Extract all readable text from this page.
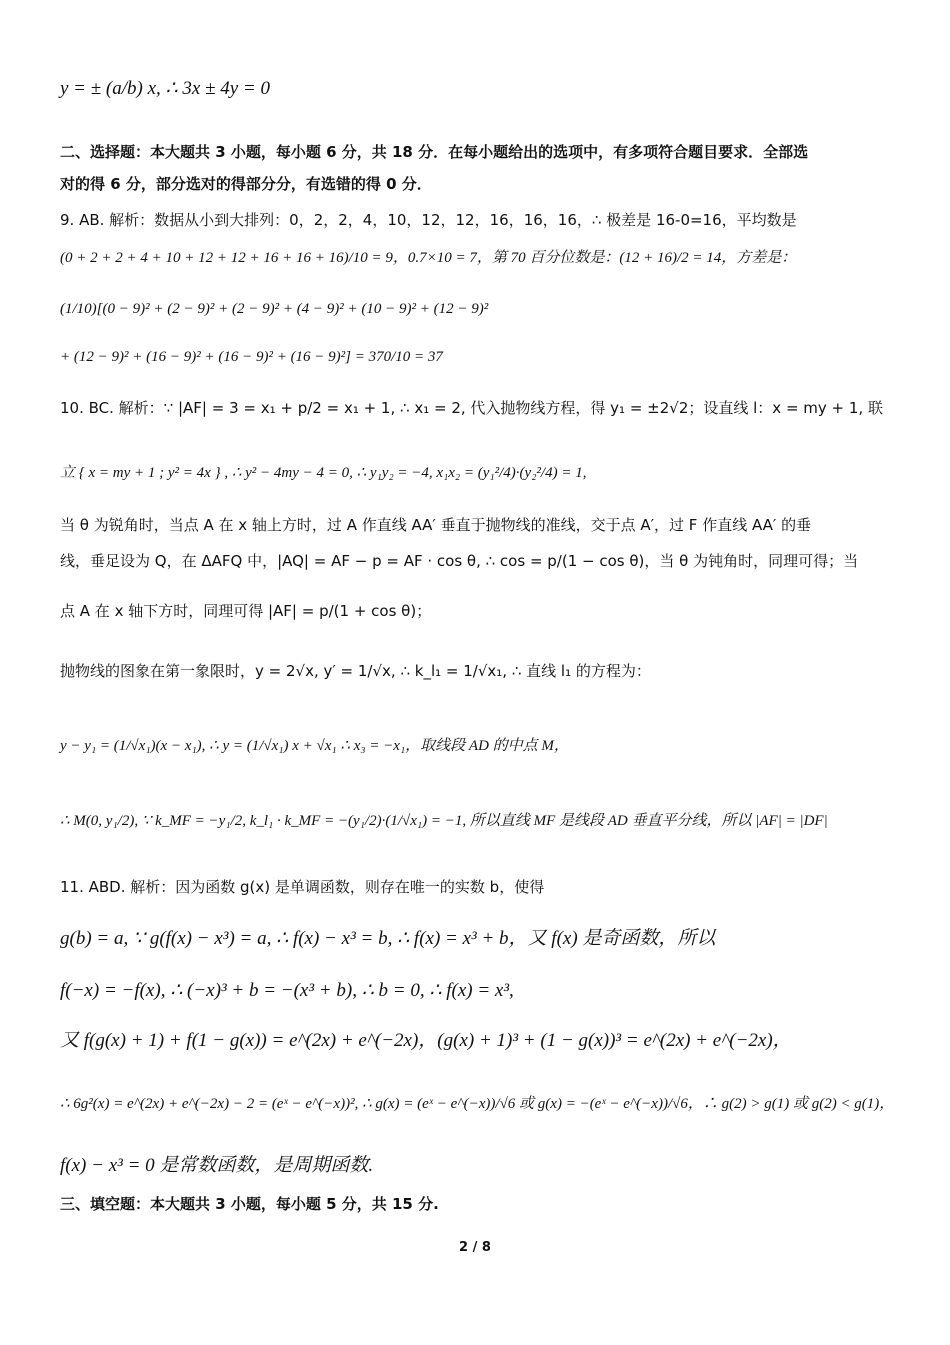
y = ± (a/b) x, ∴ 3x ± 4y = 0
二、选择题：本大题共 3 小题，每小题 6 分，共 18 分．在每小题给出的选项中，有多项符合题目要求．全部选
对的得 6 分，部分选对的得部分分，有选错的得 0 分．
9. AB. 解析：数据从小到大排列：0，2，2，4，10，12，12，16，16，16，∴ 极差是 16-0=16，平均数是
(0 + 2 + 2 + 4 + 10 + 12 + 12 + 16 + 16 + 16)/10 = 9，0.7×10 = 7，第 70 百分位数是：(12 + 16)/2 = 14，方差是：
(1/10)[(0 − 9)² + (2 − 9)² + (2 − 9)² + (4 − 9)² + (10 − 9)² + (12 − 9)²
+ (12 − 9)² + (16 − 9)² + (16 − 9)² + (16 − 9)²] = 370/10 = 37
10. BC. 解析：∵ |AF| = 3 = x₁ + p/2 = x₁ + 1, ∴ x₁ = 2, 代入抛物线方程，得 y₁ = ±2√2；设直线 l：x = my + 1, 联
立 { x = my + 1 ; y² = 4x } , ∴ y² − 4my − 4 = 0, ∴ y₁y₂ = −4, x₁x₂ = (y₁²/4)·(y₂²/4) = 1,
当 θ 为锐角时，当点 A 在 x 轴上方时，过 A 作直线 AA′ 垂直于抛物线的准线，交于点 A′，过 F 作直线 AA′ 的垂
线，垂足设为 Q，在 ΔAFQ 中，|AQ| = AF − p = AF · cos θ, ∴ cos = p/(1 − cos θ)，当 θ 为钝角时，同理可得；当
点 A 在 x 轴下方时，同理可得 |AF| = p/(1 + cos θ)；
抛物线的图象在第一象限时，y = 2√x, y′ = 1/√x, ∴ k_l₁ = 1/√x₁, ∴ 直线 l₁ 的方程为：
y − y₁ = (1/√x₁)(x − x₁), ∴ y = (1/√x₁) x + √x₁ ∴ x₃ = −x₁，取线段 AD 的中点 M，
∴ M(0, y₁/2), ∵ k_MF = −y₁/2, k_l₁ · k_MF = −(y₁/2)·(1/√x₁) = −1, 所以直线 MF 是线段 AD 垂直平分线，所以 |AF| = |DF|
11. ABD. 解析：因为函数 g(x) 是单调函数，则存在唯一的实数 b，使得
g(b) = a, ∵ g(f(x) − x³) = a, ∴ f(x) − x³ = b, ∴ f(x) = x³ + b，又 f(x) 是奇函数，所以
f(−x) = −f(x), ∴ (−x)³ + b = −(x³ + b), ∴ b = 0, ∴ f(x) = x³,
又 f(g(x) + 1) + f(1 − g(x)) = e^(2x) + e^(−2x)，(g(x) + 1)³ + (1 − g(x))³ = e^(2x) + e^(−2x)，
∴ 6g²(x) = e^(2x) + e^(−2x) − 2 = (eˣ − e^(−x))², ∴ g(x) = (eˣ − e^(−x))/√6 或 g(x) = −(eˣ − e^(−x))/√6，∴ g(2) > g(1) 或 g(2) < g(1)，
f(x) − x³ = 0 是常数函数，是周期函数.
三、填空题：本大题共 3 小题，每小题 5 分，共 15 分.
2 / 8
